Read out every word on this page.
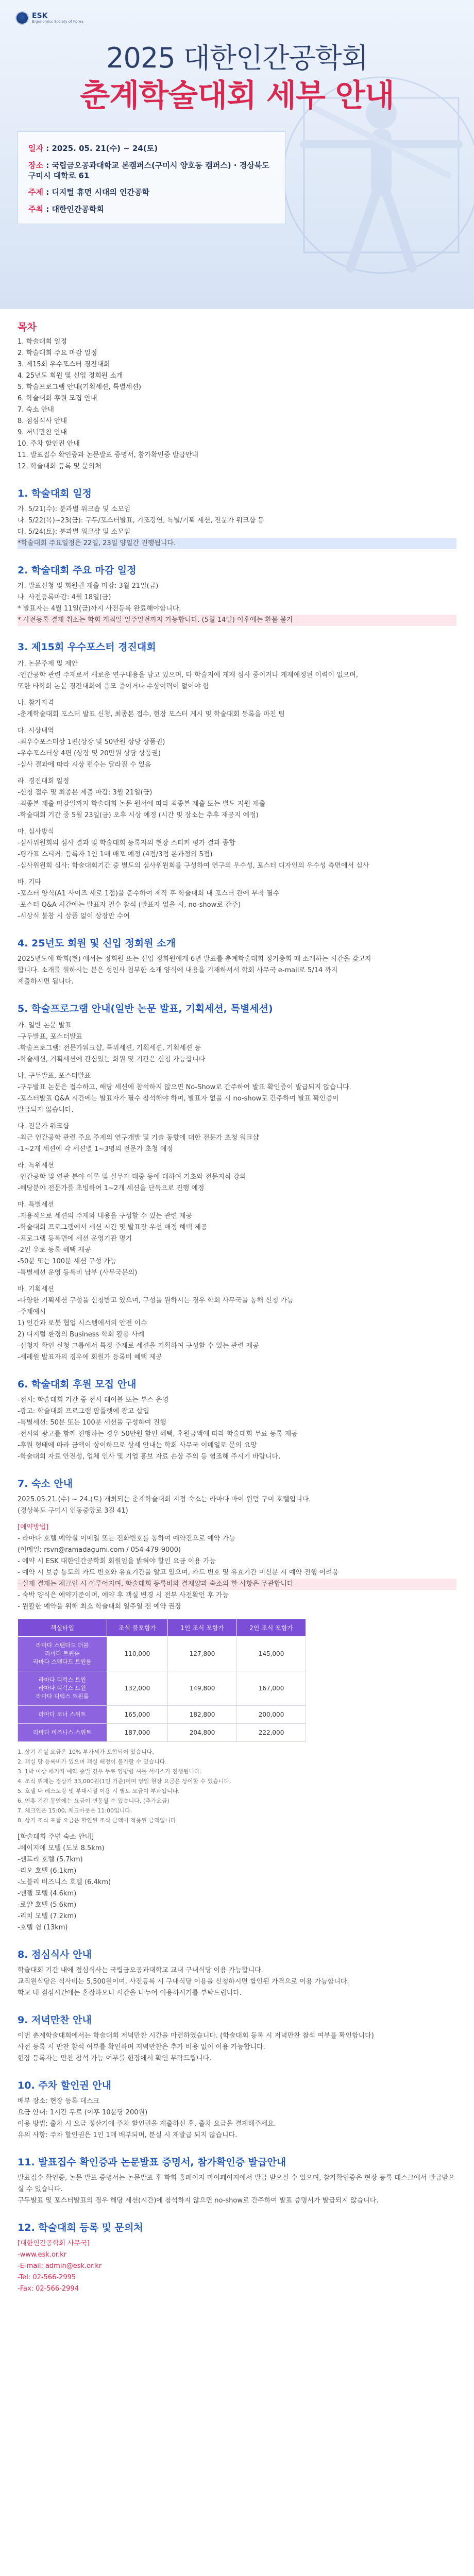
ESK
Ergonomics Society of Korea
2025 대한인간공학회
춘계학술대회 세부 안내

일자 : 2025. 05. 21(수) ~ 24(토)

장소 : 국립금오공과대학교 본캠퍼스(구미시 양호동 캠퍼스) · 경상북도 구미시 대학로 61

주제 : 디지털 휴먼 시대의 인간공학

주최 : 대한인간공학회

목차
1. 학술대회 일정
2. 학술대회 주요 마감 일정
3. 제15회 우수포스터 경진대회
4. 25년도 회원 및 신입 정회원 소개
5. 학술프로그램 안내(기획세션, 특별세션)
6. 학술대회 후원 모집 안내
7. 숙소 안내
8. 점심식사 안내
9. 저녁만찬 안내
10. 주차 할인권 안내
11. 발표집수 확인증과 논문발표 증명서, 참가확인증 발급안내
12. 학술대회 등록 및 문의처
1. 학술대회 일정

가. 5/21(수): 분과별 워크숍 및 소모임

나. 5/22(목)~23(금): 구두/포스터발표, 기조강연, 특별/기획 세션, 전문가 워크샵 등

다. 5/24(토): 분과별 워크샵 및 소모임

*학술대회 주요일정은 22일, 23일 양일간 진행됩니다.

2. 학술대회 주요 마감 일정

가. 발표신청 및 회원권 제출 마감: 3월 21일(금)

나. 사전등록마감: 4월 18일(금)

* 발표자는 4월 11일(금)까지 사전등록 완료해야합니다.

* 사전등록 결제 취소는 학회 개최일 일주일전까지 가능합니다. (5월 14일) 이후에는 환불 불가

3. 제15회 우수포스터 경진대회

가. 논문주제 및 제안

-인간공학 관련 주제로서 새로운 연구내용을 담고 있으며, 타 학술지에 게재 심사 중이거나 게재예정된 이력이 없으며,

또한 타학회 논문 경진대회에 응모 중이거나 수상이력이 없어야 함

나. 참가자격

-춘계학술대회 포스터 발표 신청, 최종본 접수, 현장 포스터 게시 및 학술대회 등록을 마친 팀

다. 시상내역

-최우수포스터상 1편(상장 및 50만원 상당 상품권)

-우수포스터상 4편 (상장 및 20만원 상당 상품권)

-심사 결과에 따라 시상 편수는 달라질 수 있음

라. 경진대회 일정

-신청 접수 및 최종본 제출 마감: 3월 21일(금)

-최종본 제출 마감일까지 학술대회 논문 원서에 따라 최종본 제출 또는 별도 지원 제출

-학술대회 기간 중 5월 23일(금) 오후 시상 예정 (시간 및 장소는 추후 재공지 예정)

마. 심사방식

-심사위원회의 심사 결과 및 학술대회 등록자의 현장 스티커 평가 결과 종합

-평가표 스티커: 등록자 1인 1매 배포 예정 (4점/3점 본과정의 5점)

-심사위원회 심사: 학술대회기간 중 별도의 심사위원회를 구성하여 연구의 우수성, 포스터 디자인의 우수성 측면에서 심사

바. 기타

-포스터 양식(A1 사이즈 세로 1점)을 준수하여 제작 후 학술대회 내 포스터 관에 부착 필수

-포스터 Q&A 시간에는 발표자 필수 참석 (발표자 없을 시, no-show로 간주)

-시상식 불참 시 상품 없이 상장만 수여

4. 25년도 회원 및 신입 정회원 소개

2025년도에 학회(현) 에서는 정회원 또는 신입 정회원에게 6년 발표를 춘계학술대회 정기총회 때 소개하는 시간을 갖고자

합니다. 소개를 원하시는 분은 성인사 첨부한 소개 양식에 내용을 기재하셔서 학회 사무국 e-mail로 5/14 까지

제출하시면 됩니다.

5. 학술프로그램 안내(일반 논문 발표, 기획세션, 특별세션)

가. 일반 논문 발표

-구두발표, 포스터발표

-학술프로그램: 전문가워크샵, 특위세션, 기획세션, 기획세션 등

-학술세션, 기획세션에 관심있는 회원 및 기관은 신청 가능합니다

나. 구두발표, 포스터발표

-구두발표 논문은 접수하고, 해당 세션에 참석하지 않으면 No-Show로 간주하여 발표 확인증이 발급되지 않습니다.

-포스터발표 Q&A 시간에는 발표자가 필수 참석해야 하며, 발표자 없을 시 no-show로 간주하여 발표 확인증이

발급되지 않습니다.

다. 전문가 워크샵

-최근 인간공학 관련 주요 주제의 연구개발 및 기술 동향에 대한 전문가 초청 워크샵

-1~2개 세션에 각 세션별 1~3명의 전문가 초청 예정

라. 특위세션

-인간공학 및 연관 분야 이론 및 실무자 대중 등에 대하여 기초와 전문지식 강의

-해당분야 전문가를 초빙하여 1~2개 세션을 단독으로 진행 예정

마. 특별세션

-지용적으로 세션의 주제와 내용을 구성할 수 있는 관련 제공

-학술대회 프로그램에서 세션 시간 및 발표장 우선 배정 혜택 제공

-프로그램 등록면에 세션 운영기관 명기

-2인 우로 등록 혜택 제공

-50분 또는 100분 세션 구성 가능

-특별세션 운영 등록비 납부 (사무국문의)

바. 기획세션

-다양한 기획세션 구성을 신청받고 있으며, 구성을 원하시는 경우 학회 사무국을 통해 신청 가능

-주제예시

1) 인간과 로봇 협업 시스템에서의 안전 이슈

2) 디지털 환경의 Business 학회 활용 사례

-신청자 확인 신청 그룹에서 특정 주제로 세션을 기획하여 구성할 수 있는 관련 제공

-세레원 발표자의 경우에 회원가 등록비 혜택 제공

6. 학술대회 후원 모집 안내

-전시: 학술대회 기간 중 전시 테이블 또는 부스 운영

-광고: 학술대회 프로그램 팜플렛에 광고 삽입

-특별세션: 50분 또는 100분 세션을 구성하여 진행

-전시와 광고를 함께 진행하는 경우 50만원 할인 혜택, 후원금액에 따라 학술대회 무료 등록 제공

-후원 형태에 따라 금액이 상이하므로 상세 안내는 학회 사무국 이메일로 문의 요망

-학술대회 자료 안전성, 업체 인사 및 기업 홍보 자료 손상 주의 등 협조해 주시기 바랍니다.

7. 숙소 안내

2025.05.21.(수) ~ 24.(토) 개최되는 춘계학술대회 지정 숙소는 라마다 바이 윈덤 구미 호텔입니다.

(경상북도 구미시 인동중앙로 3길 41)

[예약방법]

- 라마다 호텔 예약실 이메일 또는 전화번호를 통하여 예약진으로 예약 가능

(이메일: rsvn@ramadagumi.com / 054-479-9000)

- 예약 시 ESK 대한인간공학회 회원임을 밝혀야 할인 요금 이용 가능

- 예약 시 보증 통도의 카드 번호와 유효기간을 알고 있으며, 카드 번호 및 유효기간 미신분 시 예약 진행 어려움

- 실제 결제는 체크인 시 이루어지며, 학술대회 등록비와 결제양과 숙소의 한 사항은 무관합니다

- 숙박 양식은 예약기준이며, 예약 후 객실 변경 시 전부 사전확인 후 가능

- 원활한 예약을 위해 최소 학술대회 일주일 전 예약 권장

객실타입	조식 불포함가	1인 조식 포함가	2인 조식 포함가
라마다 스탠다드 더블
라마다 트윈룸
라마다 스탠다드 트윈룸	110,000	127,800	145,000
라마다 디럭스 트윈
라마다 디럭스 트윈
라마다 디럭스 트윈룸	132,000	149,800	167,000
라마다 코너 스위트	165,000	182,800	200,000
라마다 비즈니스 스위트	187,000	204,800	222,000

1. 상기 객실 요금은 10% 부가세가 포함되어 있습니다.

2. 객실 당 등록비가 있으며 객실 배정이 불가할 수 있습니다.

3. 1박 이상 패키지 예약 중일 경우 무료 양방향 셔틀 서비스가 진행됩니다.

4. 조식 뷔페는 정상가 33,000원(1인 기준)이며 당일 현장 요금은 상이할 수 있습니다.

5. 호텔 내 레스토랑 및 부대시설 이용 시 별도 요금이 부과됩니다.

6. 연휴 기간 동안에는 요금이 변동될 수 있습니다. (추가요금)

7. 체크인은 15:00, 체크아웃은 11:00입니다.

8. 상기 조식 포함 요금은 할인된 조식 금액이 적용된 금액입니다.

[학술대회 주변 숙소 안내]

-베이지에 모텔 (도보 8.5km)

-센트리 호텔 (5.7km)

-리오 호텔 (6.1km)

-노블리 비즈니스 호텔 (6.4km)

-엔젤 모텔 (4.6km)

-로얄 호텔 (5.6km)

-리치 모텔 (7.2km)

-호텔 쉼 (13km)

8. 점심식사 안내

학술대회 기간 내에 점심식사는 국립금오공과대학교 교내 구내식당 이용 가능합니다.

교직원식당은 식사비는 5,500원이며, 사전등록 시 구내식당 이용을 신청하시면 할인된 가격으로 이용 가능합니다.

학교 내 점심시간에는 혼잡하오니 시간을 나누어 이용하시기를 부탁드립니다.

9. 저녁만찬 안내

이번 춘계학술대회에서는 학술대회 저녁만찬 시간을 마련하였습니다. (학술대회 등록 시 저녁만찬 참석 여부를 확인합니다)

사전 등록 시 만찬 참석 여부를 확인하며 저녁만찬은 추가 비용 없이 이용 가능합니다.

현장 등록자는 만찬 참석 가능 여부를 현장에서 확인 부탁드립니다.

10. 주차 할인권 안내

배부 장소: 현장 등록 데스크

요금 안내: 1시간 무료 (이후 10분당 200원)

이용 방법: 출차 시 요금 정산기에 주차 할인권을 제출하신 후, 출차 요금을 결제해주세요.

유의 사항: 주차 할인권은 1인 1매 배부되며, 분실 시 재발급 되지 않습니다.

11. 발표집수 확인증과 논문발표 증명서, 참가확인증 발급안내

발표집수 확인증, 논문 발표 증명서는 논문발표 후 학회 홈페이지 마이페이지에서 발급 받으실 수 있으며, 참가확인증은 현장 등록 데스크에서 발급받으실 수 있습니다.

구두발표 및 포스터발표의 경우 해당 세션(시간)에 참석하지 않으면 no-show로 간주하여 발표 증명서가 발급되지 않습니다.

12. 학술대회 등록 및 문의처

[대한인간공학회 사무국]

-www.esk.or.kr

-E-mail: admin@esk.or.kr

-Tel: 02-566-2995

-Fax: 02-566-2994
